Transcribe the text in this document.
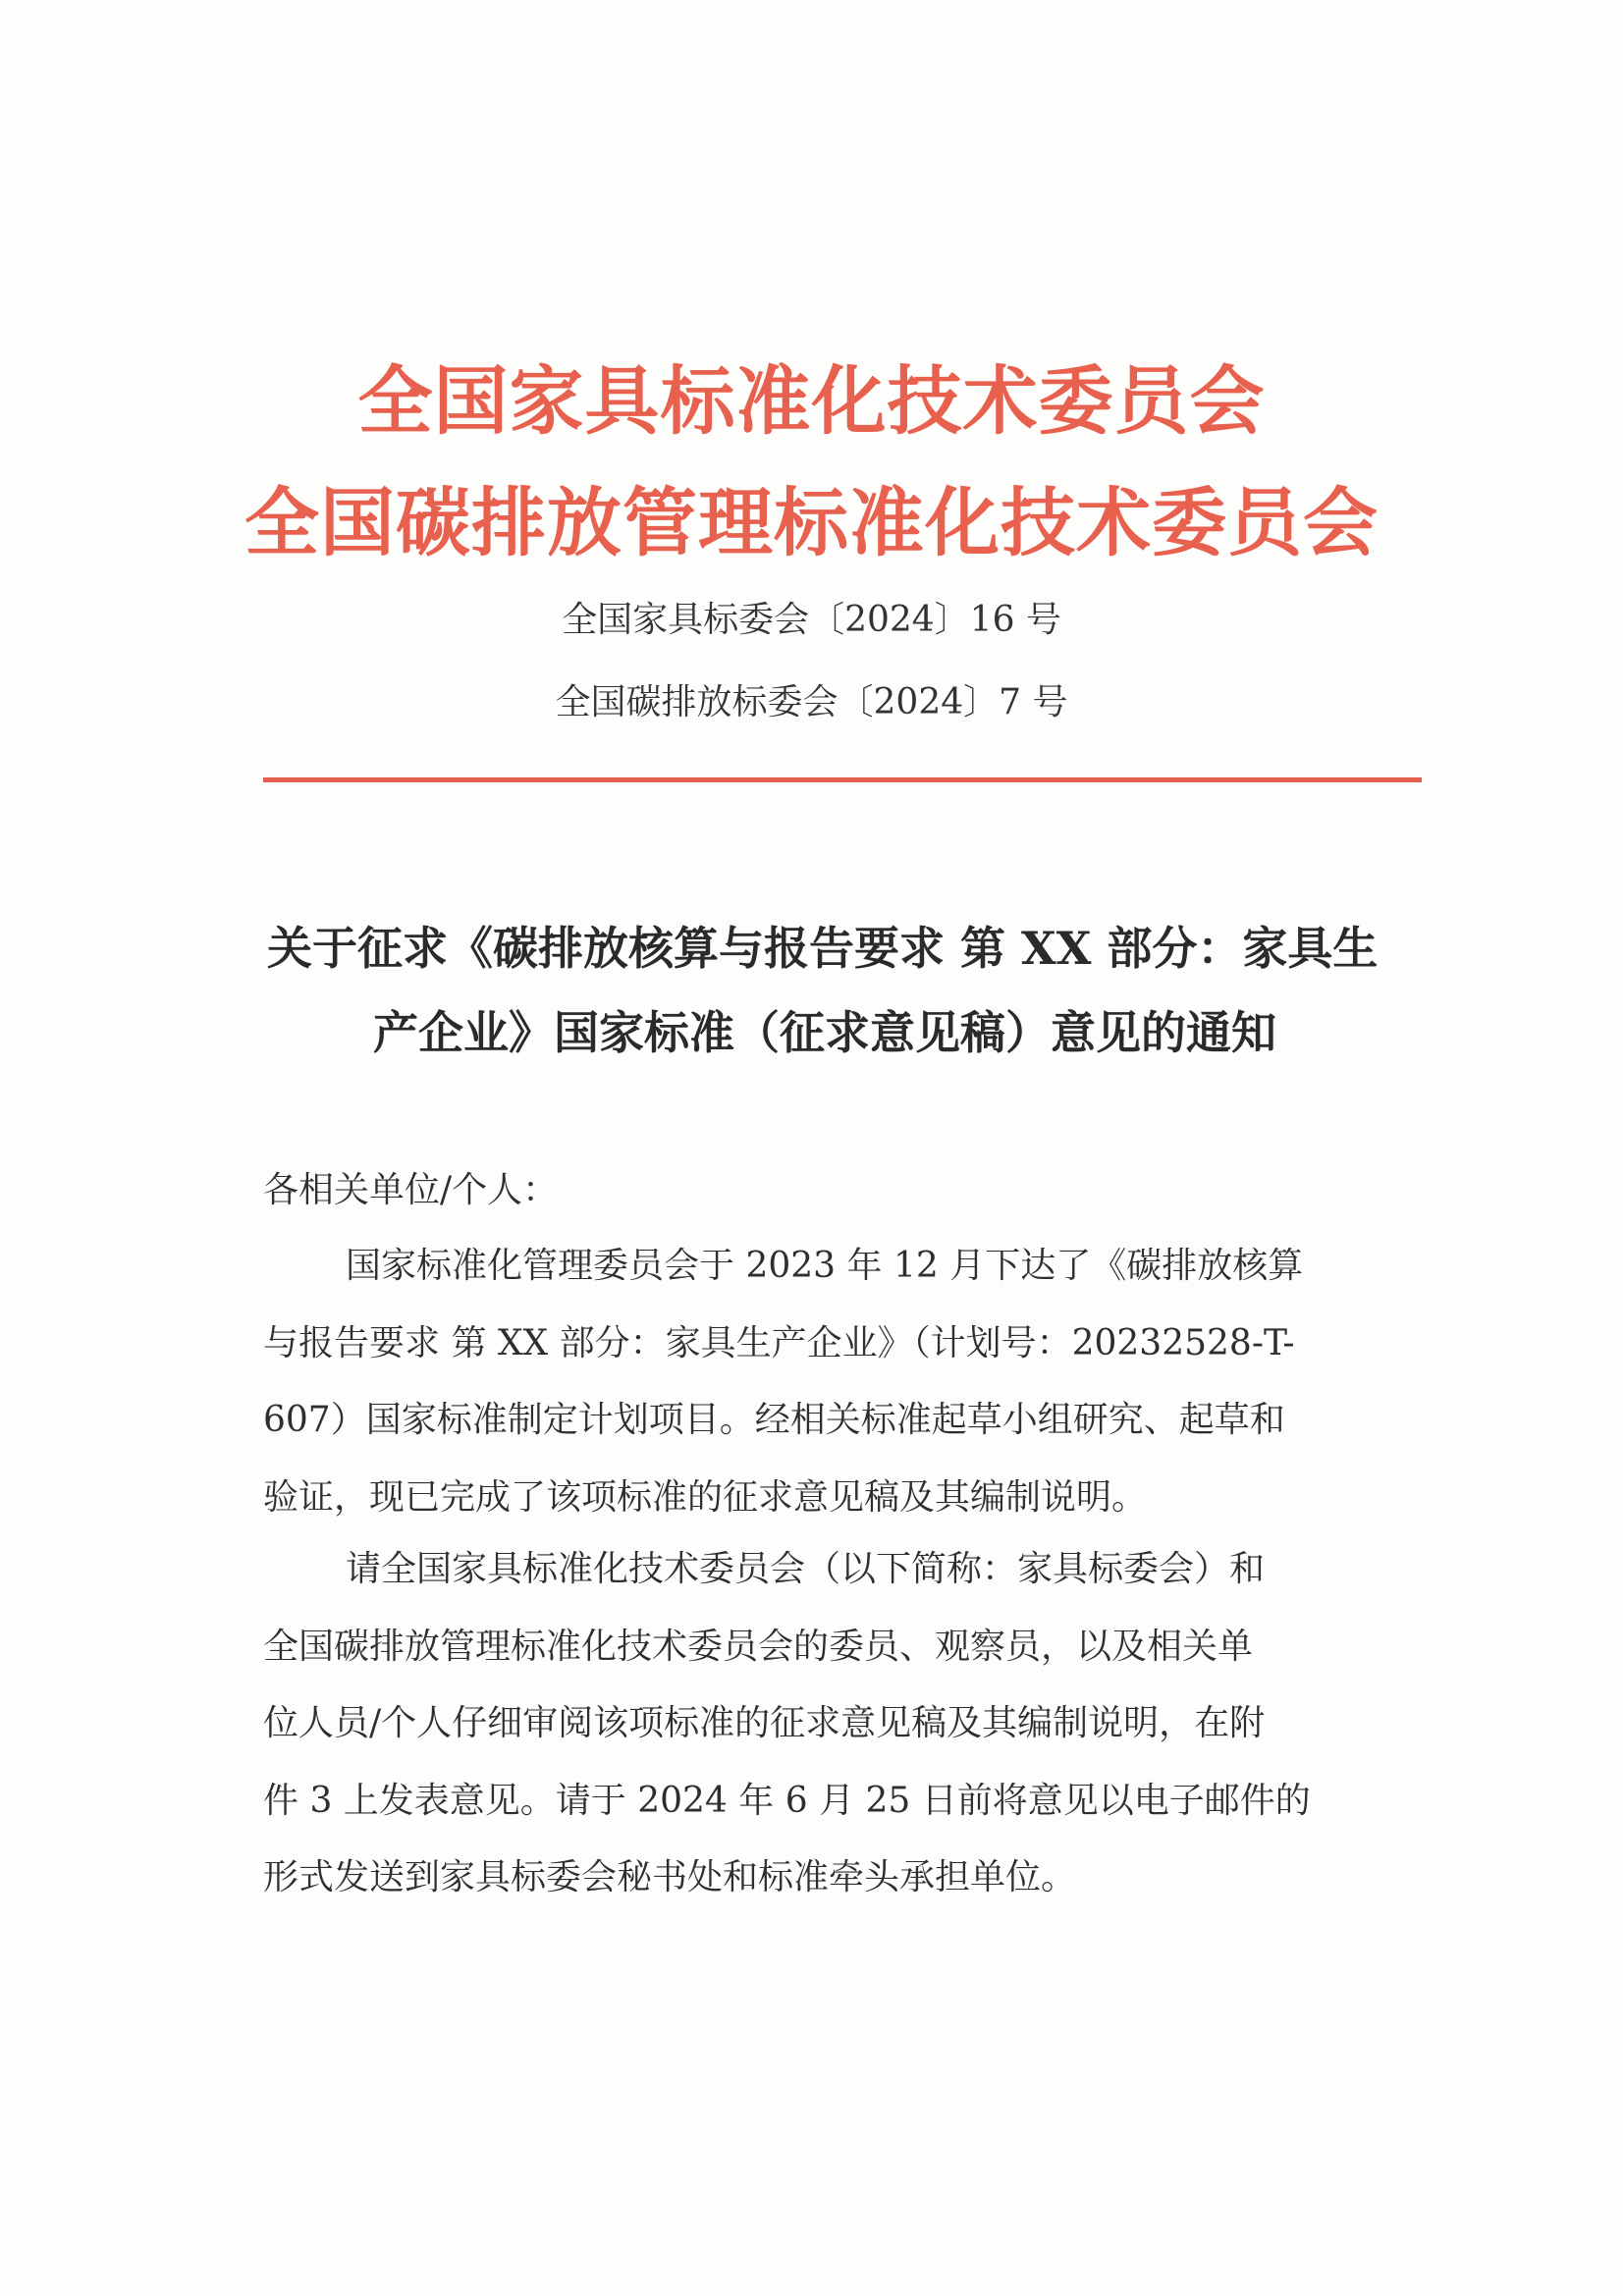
全国家具标准化技术委员会
全国碳排放管理标准化技术委员会
全国家具标委会〔2024〕16 号
全国碳排放标委会〔2024〕7 号
关于征求《碳排放核算与报告要求 第 XX 部分：家具生
产企业》国家标准（征求意见稿）意见的通知
各相关单位/个人：
国家标准化管理委员会于 2023 年 12 月下达了《碳排放核算
与报告要求 第 XX 部分：家具生产企业》（计划号：20232528-T-
607）国家标准制定计划项目。经相关标准起草小组研究、起草和
验证，现已完成了该项标准的征求意见稿及其编制说明。
请全国家具标准化技术委员会（以下简称：家具标委会）和
全国碳排放管理标准化技术委员会的委员、观察员，以及相关单
位人员/个人仔细审阅该项标准的征求意见稿及其编制说明，在附
件 3 上发表意见。请于 2024 年 6 月 25 日前将意见以电子邮件的
形式发送到家具标委会秘书处和标准牵头承担单位。
